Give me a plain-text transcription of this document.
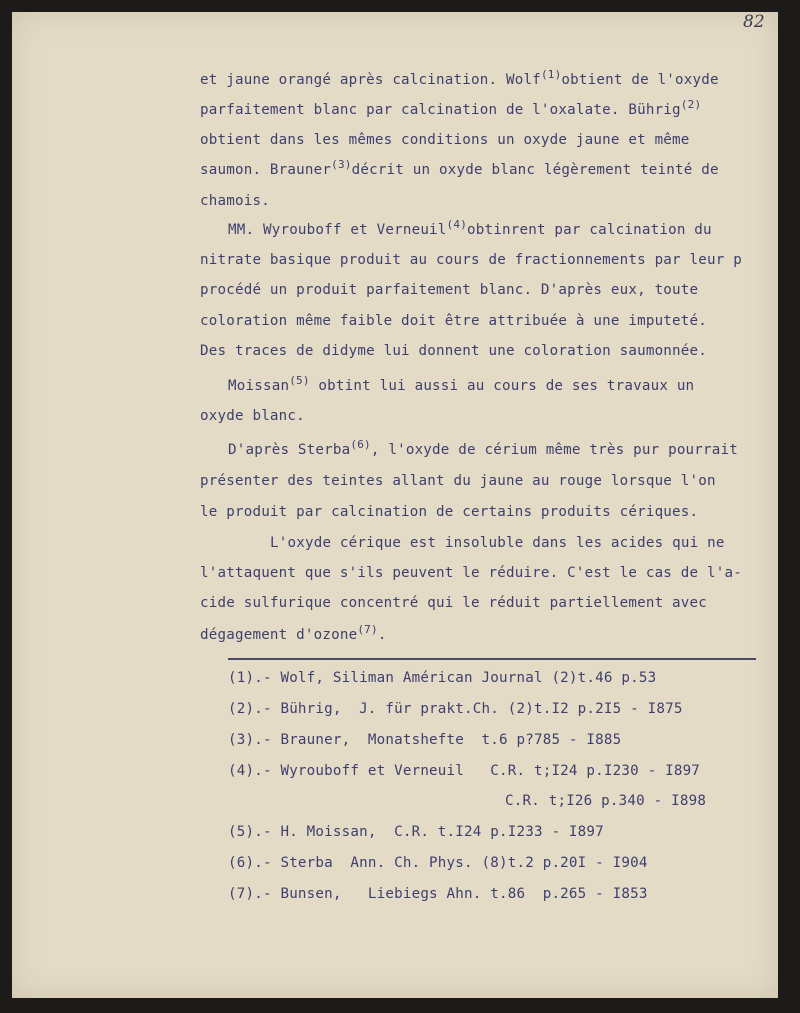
82
et jaune orangé après calcination. Wolf$^{(1)}$obtient de l'oxyde
parfaitement blanc par calcination de l'oxalate. Bührig$^{(2)}$
obtient dans les mêmes conditions un oxyde jaune et même
saumon. Brauner$^{(3)}$décrit un oxyde blanc légèrement teinté de
chamois.
MM. Wyrouboff et Verneuil$^{(4)}$obtinrent par calcination du
nitrate basique produit au cours de fractionnements par leur p
procédé un produit parfaitement blanc. D'après eux, toute
coloration même faible doit être attribuée à une imputeté.
Des traces de didyme lui donnent une coloration saumonnée.
Moissan$^{(5)}$ obtint lui aussi au cours de ses travaux un
oxyde blanc.
D'après Sterba$^{(6)}$, l'oxyde de cérium même très pur pourrait
présenter des teintes allant du jaune au rouge lorsque l'on
le produit par calcination de certains produits cériques.
L'oxyde cérique est insoluble dans les acides qui ne
l'attaquent que s'ils peuvent le réduire. C'est le cas de l'a-
cide sulfurique concentré qui le réduit partiellement avec
dégagement d'ozone$^{(7)}$.
(1).- Wolf, Siliman Américan Journal (2)t.46 p.53
(2).- Bührig,  J. für prakt.Ch. (2)t.I2 p.2I5 - I875
(3).- Brauner,  Monatshefte  t.6 p?785 - I885
(4).- Wyrouboff et Verneuil   C.R. t;I24 p.I230 - I897
C.R. t;I26 p.340 - I898
(5).- H. Moissan,  C.R. t.I24 p.I233 - I897
(6).- Sterba  Ann. Ch. Phys. (8)t.2 p.20I - I904
(7).- Bunsen,   Liebiegs Ahn. t.86  p.265 - I853
